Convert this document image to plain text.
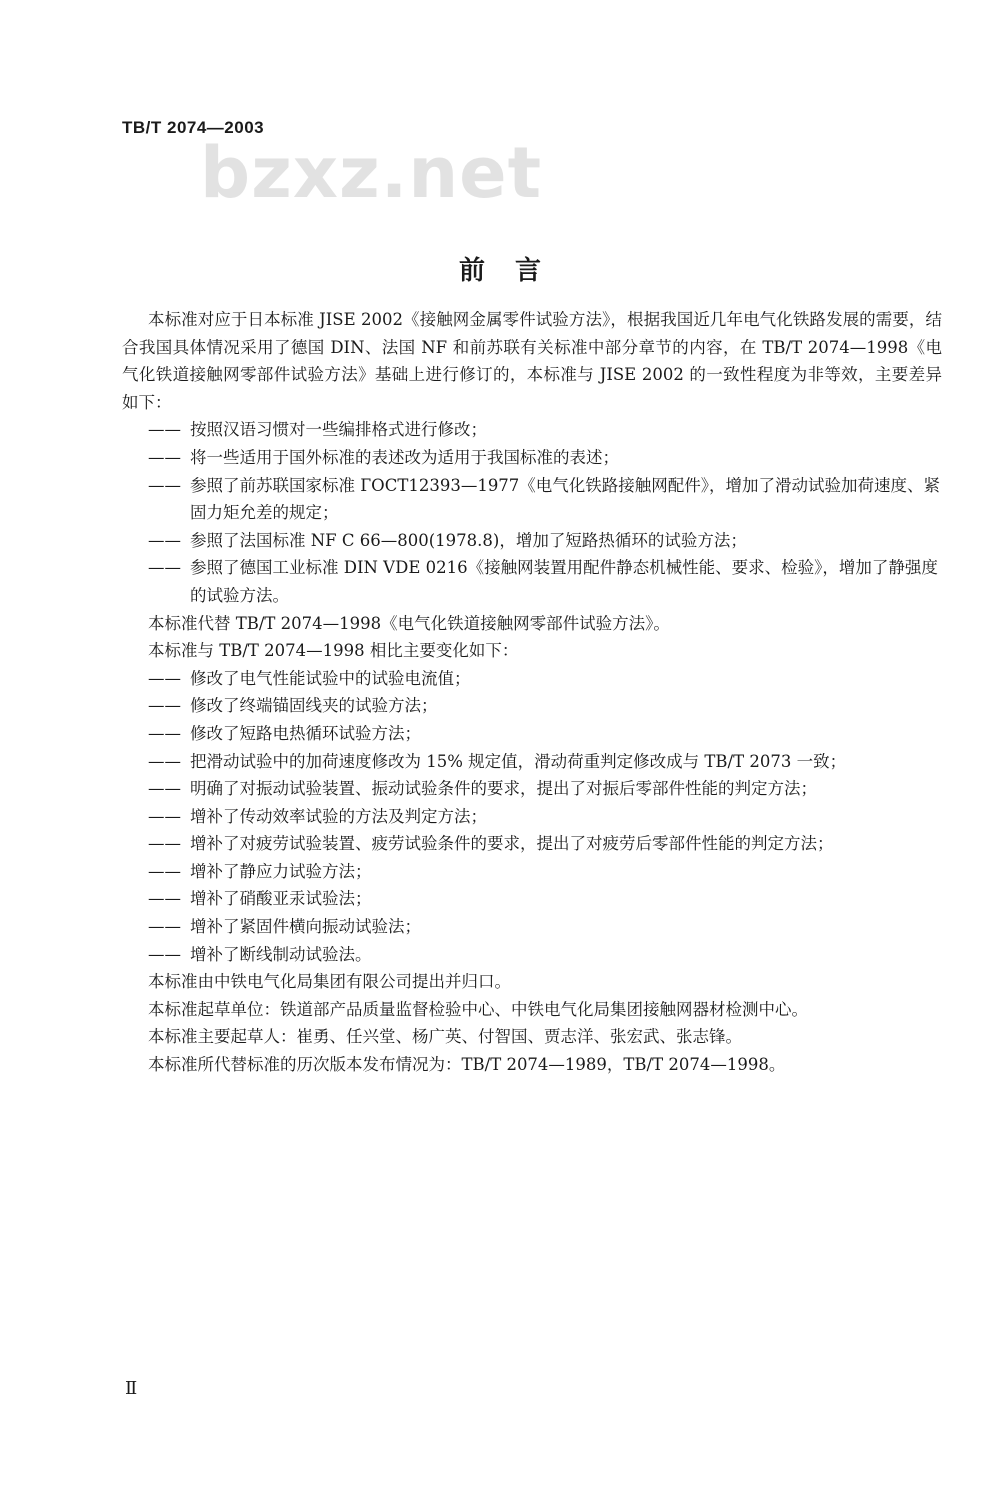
TB/T 2074—2003
bzxz.net
前言

本标准对应于日本标准 JISE 2002《接触网金属零件试验方法》，根据我国近几年电气化铁路发展的需要，结合我国具体情况采用了德国 DIN、法国 NF 和前苏联有关标准中部分章节的内容，在 TB/T 2074—1998《电气化铁道接触网零部件试验方法》基础上进行修订的，本标准与 JISE 2002 的一致性程度为非等效，主要差异如下：

—— 按照汉语习惯对一些编排格式进行修改；

—— 将一些适用于国外标准的表述改为适用于我国标准的表述；

—— 参照了前苏联国家标准 ГОСТ12393—1977《电气化铁路接触网配件》，增加了滑动试验加荷速度、紧固力矩允差的规定；

—— 参照了法国标准 NF C 66—800(1978.8)，增加了短路热循环的试验方法；

—— 参照了德国工业标准 DIN VDE 0216《接触网装置用配件静态机械性能、要求、检验》，增加了静强度的试验方法。

本标准代替 TB/T 2074—1998《电气化铁道接触网零部件试验方法》。

本标准与 TB/T 2074—1998 相比主要变化如下：

—— 修改了电气性能试验中的试验电流值；

—— 修改了终端锚固线夹的试验方法；

—— 修改了短路电热循环试验方法；

—— 把滑动试验中的加荷速度修改为 15% 规定值，滑动荷重判定修改成与 TB/T 2073 一致；

—— 明确了对振动试验装置、振动试验条件的要求，提出了对振后零部件性能的判定方法；

—— 增补了传动效率试验的方法及判定方法；

—— 增补了对疲劳试验装置、疲劳试验条件的要求，提出了对疲劳后零部件性能的判定方法；

—— 增补了静应力试验方法；

—— 增补了硝酸亚汞试验法；

—— 增补了紧固件横向振动试验法；

—— 增补了断线制动试验法。

本标准由中铁电气化局集团有限公司提出并归口。

本标准起草单位：铁道部产品质量监督检验中心、中铁电气化局集团接触网器材检测中心。

本标准主要起草人：崔勇、任兴堂、杨广英、付智国、贾志洋、张宏武、张志锋。

本标准所代替标准的历次版本发布情况为：TB/T 2074—1989，TB/T 2074—1998。

Ⅱ
